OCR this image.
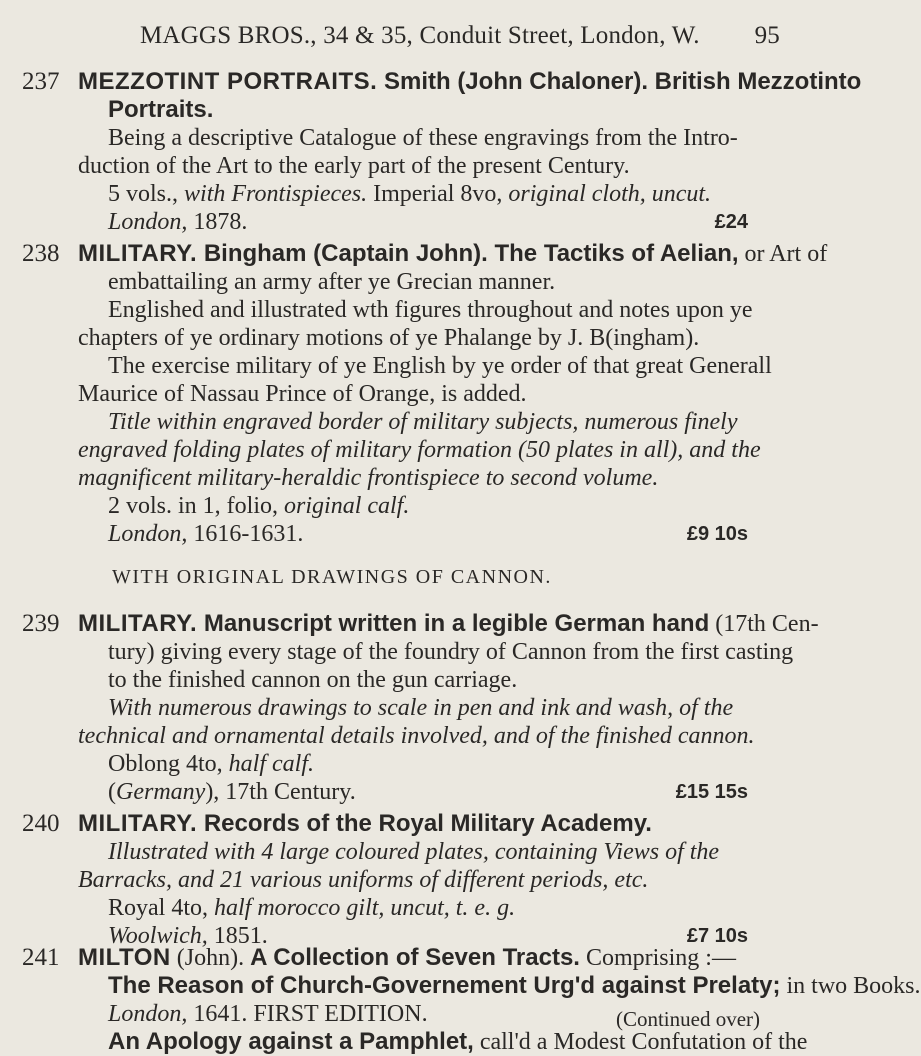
MAGGS BROS., 34 & 35, Conduit Street, London, W. 95
237 MEZZOTINT PORTRAITS. Smith (John Chaloner). British Mezzotinto
Portraits.
Being a descriptive Catalogue of these engravings from the Intro-
duction of the Art to the early part of the present Century.
5 vols., with Frontispieces. Imperial 8vo, original cloth, uncut.
London, 1878.	£24
238 MILITARY. Bingham (Captain John). The Tactiks of Aelian, or Art of
embattailing an army after ye Grecian manner.
Englished and illustrated wth figures throughout and notes upon ye
chapters of ye ordinary motions of ye Phalange by J. B(ingham).
The exercise military of ye English by ye order of that great Generall
Maurice of Nassau Prince of Orange, is added.
Title within engraved border of military subjects, numerous finely
engraved folding plates of military formation (50 plates in all), and the
magnificent military-heraldic frontispiece to second volume.
2 vols. in 1, folio, original calf.
London, 1616-1631.	£9 10s
WITH ORIGINAL DRAWINGS OF CANNON.
239 MILITARY. Manuscript written in a legible German hand (17th Cen-
tury) giving every stage of the foundry of Cannon from the first casting
to the finished cannon on the gun carriage.
With numerous drawings to scale in pen and ink and wash, of the
technical and ornamental details involved, and of the finished cannon.
Oblong 4to, half calf.
(Germany), 17th Century.	£15 15s
240 MILITARY. Records of the Royal Military Academy.
Illustrated with 4 large coloured plates, containing Views of the
Barracks, and 21 various uniforms of different periods, etc.
Royal 4to, half morocco gilt, uncut, t. e. g.
Woolwich, 1851.	£7 10s
241 MILTON (John). A Collection of Seven Tracts. Comprising :—
The Reason of Church-Governement Urg'd against Prelaty; in two Books.
London, 1641. FIRST EDITION.
An Apology against a Pamphlet, call'd a Modest Confutation of the
(Continued over)
